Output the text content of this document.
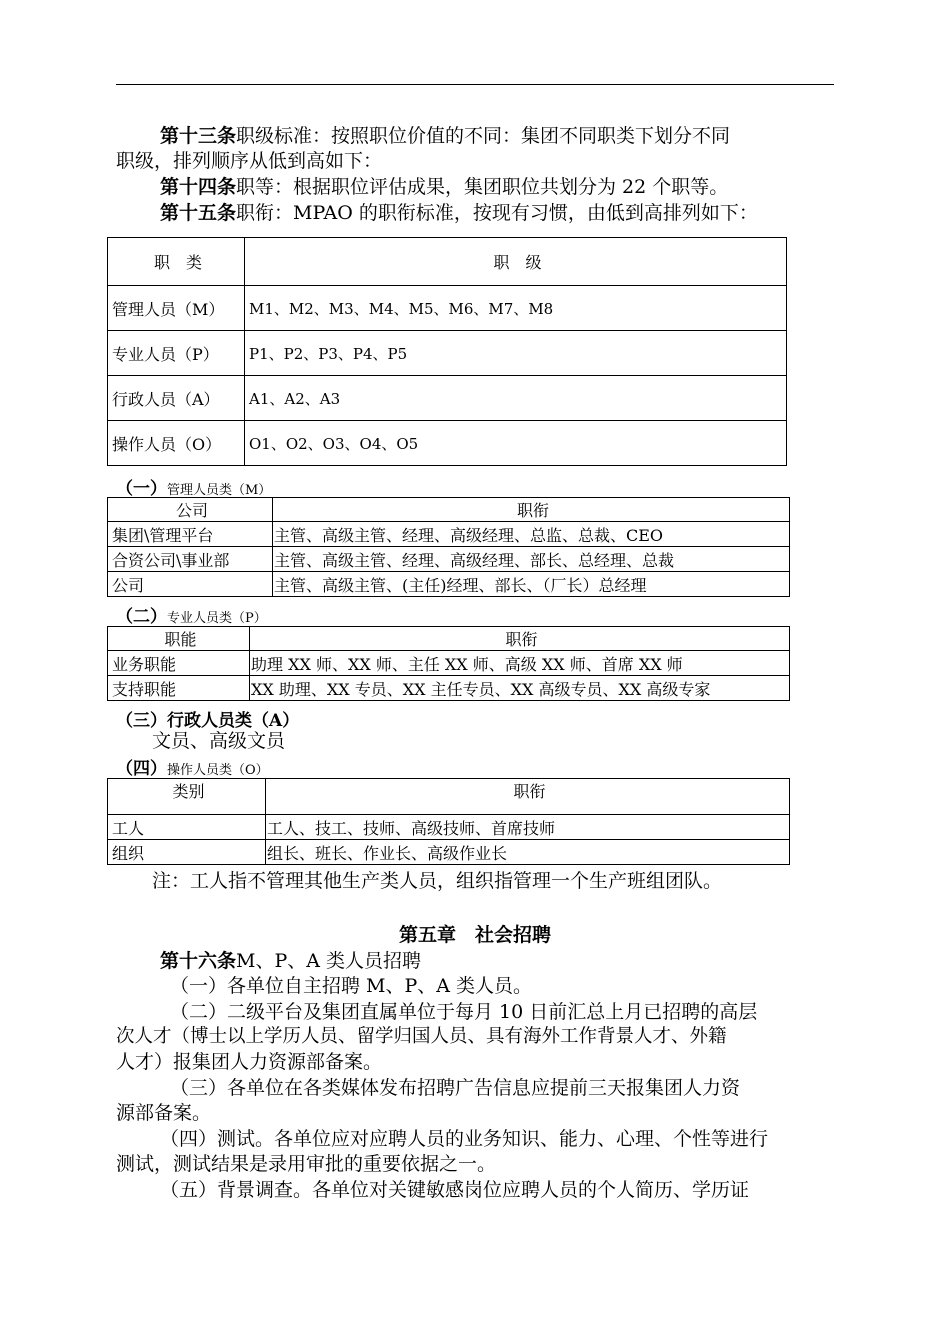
第十三条职级标准：按照职位价值的不同：集团不同职类下划分不同
职级，排列顺序从低到高如下：
第十四条职等：根据职位评估成果，集团职位共划分为 22 个职等。
第十五条职衔：MPAO 的职衔标准，按现有习惯，由低到高排列如下：
职　类	职　级
管理人员（M）	M1、M2、M3、M4、M5、M6、M7、M8
专业人员（P）	P1、P2、P3、P4、P5
行政人员（A）	A1、A2、A3
操作人员（O）	O1、O2、O3、O4、O5
（一）管理人员类（M）
公司	职衔
集团\管理平台	主管、高级主管、经理、高级经理、总监、总裁、CEO
合资公司\事业部	主管、高级主管、经理、高级经理、部长、总经理、总裁
公司	主管、高级主管、(主任)经理、部长、（厂长）总经理
（二）专业人员类（P）
职能	职衔
业务职能	助理 XX 师、XX 师、主任 XX 师、高级 XX 师、首席 XX 师
支持职能	XX 助理、XX 专员、XX 主任专员、XX 高级专员、XX 高级专家
（三）行政人员类（A）
文员、高级文员
（四）操作人员类（O）
类别	职衔
工人	工人、技工、技师、高级技师、首席技师
组织	组长、班长、作业长、高级作业长
注：工人指不管理其他生产类人员，组织指管理一个生产班组团队。
第五章　社会招聘
第十六条M、P、A 类人员招聘
（一）各单位自主招聘 M、P、A 类人员。
（二）二级平台及集团直属单位于每月 10 日前汇总上月已招聘的高层
次人才（博士以上学历人员、留学归国人员、具有海外工作背景人才、外籍
人才）报集团人力资源部备案。
（三）各单位在各类媒体发布招聘广告信息应提前三天报集团人力资
源部备案。
（四）测试。各单位应对应聘人员的业务知识、能力、心理、个性等进行
测试，测试结果是录用审批的重要依据之一。
（五）背景调查。各单位对关键敏感岗位应聘人员的个人简历、学历证
